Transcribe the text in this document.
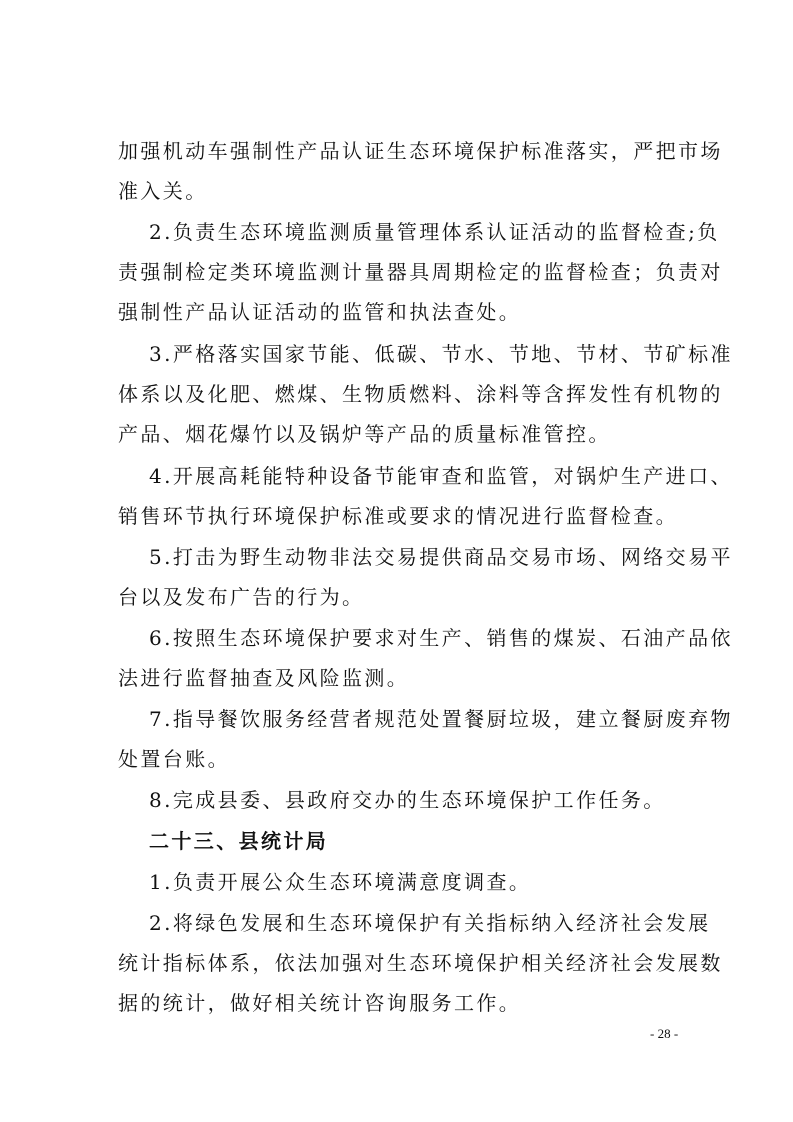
加强机动车强制性产品认证生态环境保护标准落实，严把市场
准入关。
2.负责生态环境监测质量管理体系认证活动的监督检查;负
责强制检定类环境监测计量器具周期检定的监督检查；负责对
强制性产品认证活动的监管和执法查处。
3.严格落实国家节能、低碳、节水、节地、节材、节矿标准
体系以及化肥、燃煤、生物质燃料、涂料等含挥发性有机物的
产品、烟花爆竹以及锅炉等产品的质量标准管控。
4.开展高耗能特种设备节能审查和监管，对锅炉生产进口、
销售环节执行环境保护标准或要求的情况进行监督检查。
5.打击为野生动物非法交易提供商品交易市场、网络交易平
台以及发布广告的行为。
6.按照生态环境保护要求对生产、销售的煤炭、石油产品依
法进行监督抽查及风险监测。
7.指导餐饮服务经营者规范处置餐厨垃圾，建立餐厨废弃物
处置台账。
8.完成县委、县政府交办的生态环境保护工作任务。
二十三、县统计局
1.负责开展公众生态环境满意度调查。
2.将绿色发展和生态环境保护有关指标纳入经济社会发展
统计指标体系，依法加强对生态环境保护相关经济社会发展数
据的统计，做好相关统计咨询服务工作。
- 28 -
